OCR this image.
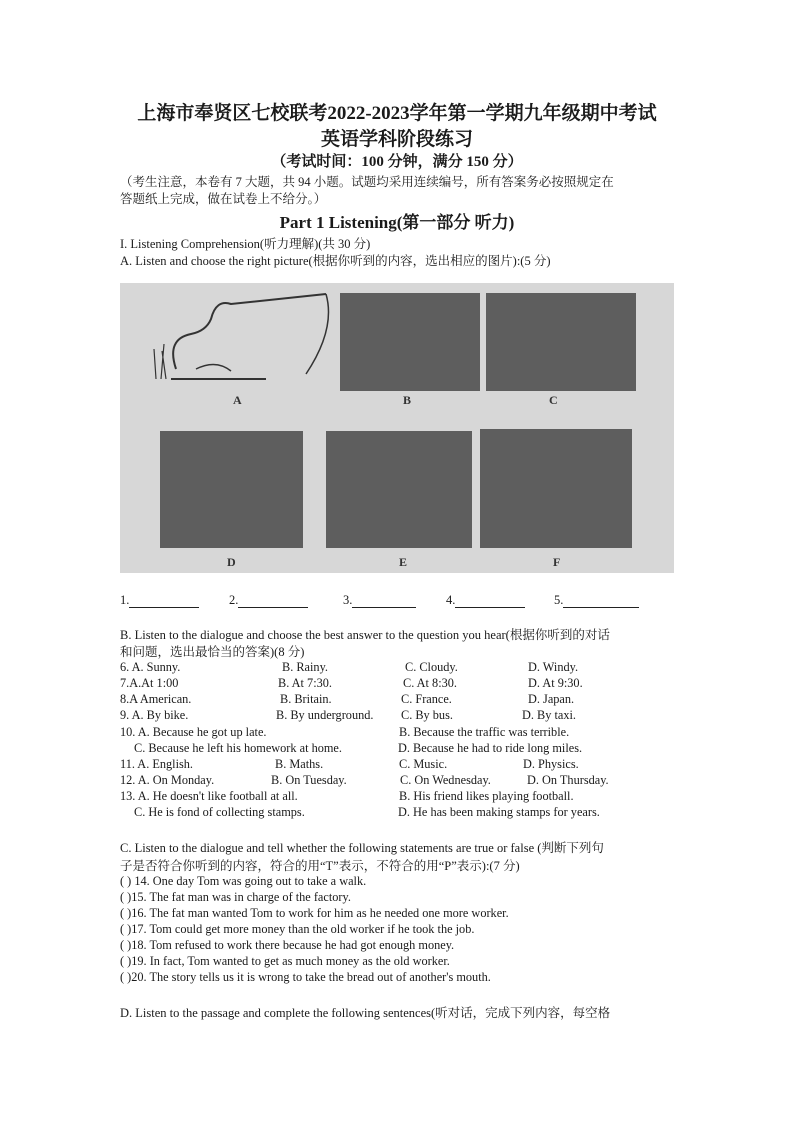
上海市奉贤区七校联考2022-2023学年第一学期九年级期中考试
英语学科阶段练习
（考试时间：100 分钟，满分 150 分）
（考生注意，本卷有 7 大题，共 94 小题。试题均采用连续编号，所有答案务必按照规定在
答题纸上完成，做在试卷上不给分。）
Part 1 Listening(第一部分 听力)
I. Listening Comprehension(听力理解)(共 30 分)
A. Listen and choose the right picture(根据你听到的内容，选出相应的图片):(5 分)
A	B	C
D	E	F
1.	2.	3.	4.	5.
B. Listen to the dialogue and choose the best answer to the question you hear(根据你听到的对话
和问题，选出最恰当的答案)(8 分)
6. A. Sunny.	B. Rainy.	C. Cloudy.	D. Windy.
7.A.At 1:00	B. At 7:30.	C. At 8:30.	D. At 9:30.
8.A American.	B. Britain.	C. France.	D. Japan.
9. A. By bike.	B. By underground. C. By bus.	D. By taxi.
10. A. Because he got up late.	B. Because the traffic was terrible.
C. Because he left his homework at home.	D. Because he had to ride long miles.
11. A. English.	B. Maths.	C. Music.	D. Physics.
12. A. On Monday.	B. On Tuesday.	C. On Wednesday.	D. On Thursday.
13. A. He doesn't like football at all.	B. His friend likes playing football.
C. He is fond of collecting stamps.	D. He has been making stamps for years.
C. Listen to the dialogue and tell whether the following statements are true or false (判断下列句
子是否符合你听到的内容，符合的用“T”表示，不符合的用“P”表示):(7 分)
( ) 14. One day Tom was going out to take a walk.
( )15. The fat man was in charge of the factory.
( )16. The fat man wanted Tom to work for him as he needed one more worker.
( )17. Tom could get more money than the old worker if he took the job.
( )18. Tom refused to work there because he had got enough money.
( )19. In fact, Tom wanted to get as much money as the old worker.
( )20. The story tells us it is wrong to take the bread out of another's mouth.
D. Listen to the passage and complete the following sentences(听对话，完成下列内容，每空格
